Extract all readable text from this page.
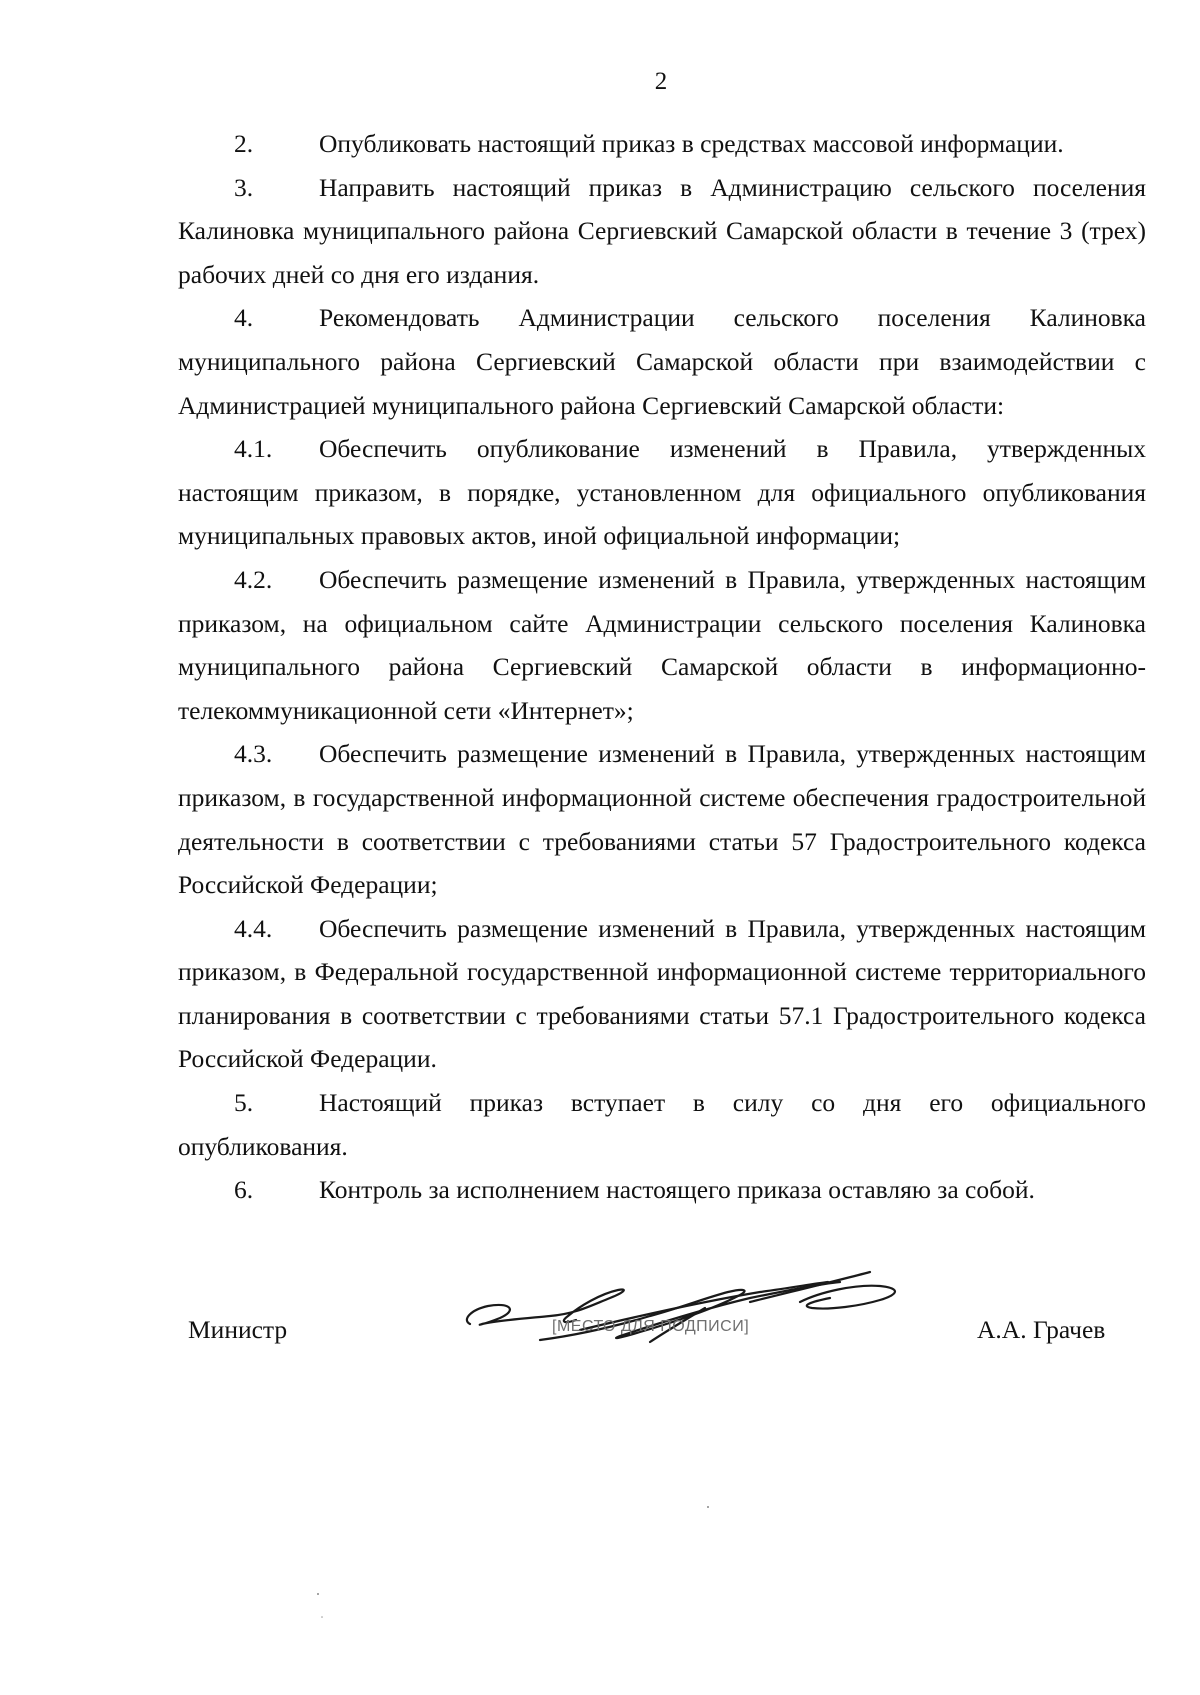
2

2.	Опубликовать настоящий приказ в средствах массовой информации.

3.	Направить настоящий приказ в Администрацию сельского поселения Калиновка муниципального района Сергиевский Самарской области в течение 3 (трех) рабочих дней со дня его издания.

4.	Рекомендовать Администрации сельского поселения Калиновка муниципального района Сергиевский Самарской области при взаимодействии с Администрацией муниципального района Сергиевский Самарской области:

4.1. Обеспечить опубликование изменений в Правила, утвержденных настоящим приказом, в порядке, установленном для официального опубликования муниципальных правовых актов, иной официальной информации;

4.2. Обеспечить размещение изменений в Правила, утвержденных настоящим приказом, на официальном сайте Администрации сельского поселения Калиновка муниципального района Сергиевский Самарской области в информационно-телекоммуникационной сети «Интернет»;

4.3. Обеспечить размещение изменений в Правила, утвержденных настоящим приказом, в государственной информационной системе обеспечения градостроительной деятельности в соответствии с требованиями статьи 57 Градостроительного кодекса Российской Федерации;

4.4. Обеспечить размещение изменений в Правила, утвержденных настоящим приказом, в Федеральной государственной информационной системе территориального планирования в соответствии с требованиями статьи 57.1 Градостроительного кодекса Российской Федерации.

5.	Настоящий приказ вступает в силу со дня его официального опубликования.

6.	Контроль за исполнением настоящего приказа оставляю за собой.

[МЕСТО ДЛЯ ПОДПИСИ]
Министр	А.А. Грачев
